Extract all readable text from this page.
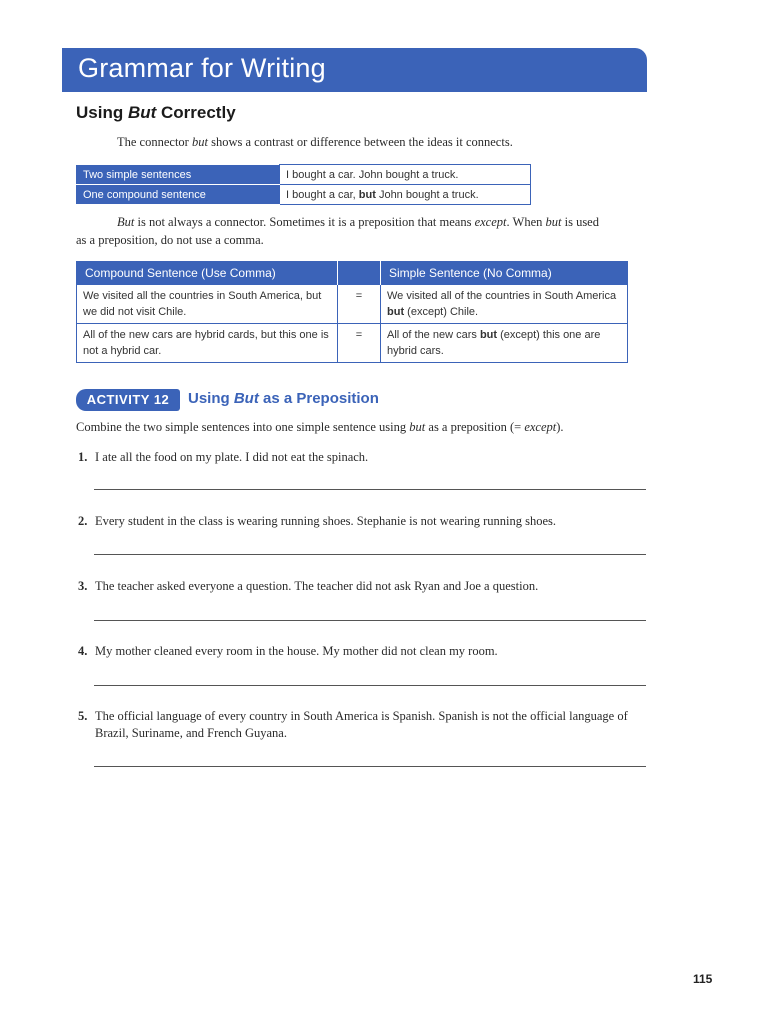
Grammar for Writing
Using But Correctly
The connector but shows a contrast or difference between the ideas it connects.
Two simple sentences	I bought a car. John bought a truck.
One compound sentence	I bought a car, but John bought a truck.
But is not always a connector. Sometimes it is a preposition that means except. When but is used
as a preposition, do not use a comma.
Compound Sentence (Use Comma)		Simple Sentence (No Comma)
We visited all the countries in South America, but we did not visit Chile.	=	We visited all of the countries in South America but (except) Chile.
All of the new cars are hybrid cards, but this one is not a hybrid car.	=	All of the new cars but (except) this one are hybrid cars.
ACTIVITY 12	Using But as a Preposition
Combine the two simple sentences into one simple sentence using but as a preposition (= except).
1. I ate all the food on my plate. I did not eat the spinach.
2. Every student in the class is wearing running shoes. Stephanie is not wearing running shoes.
3. The teacher asked everyone a question. The teacher did not ask Ryan and Joe a question.
4. My mother cleaned every room in the house. My mother did not clean my room.
5. The official language of every country in South America is Spanish. Spanish is not the official language of Brazil, Suriname, and French Guyana.
115
